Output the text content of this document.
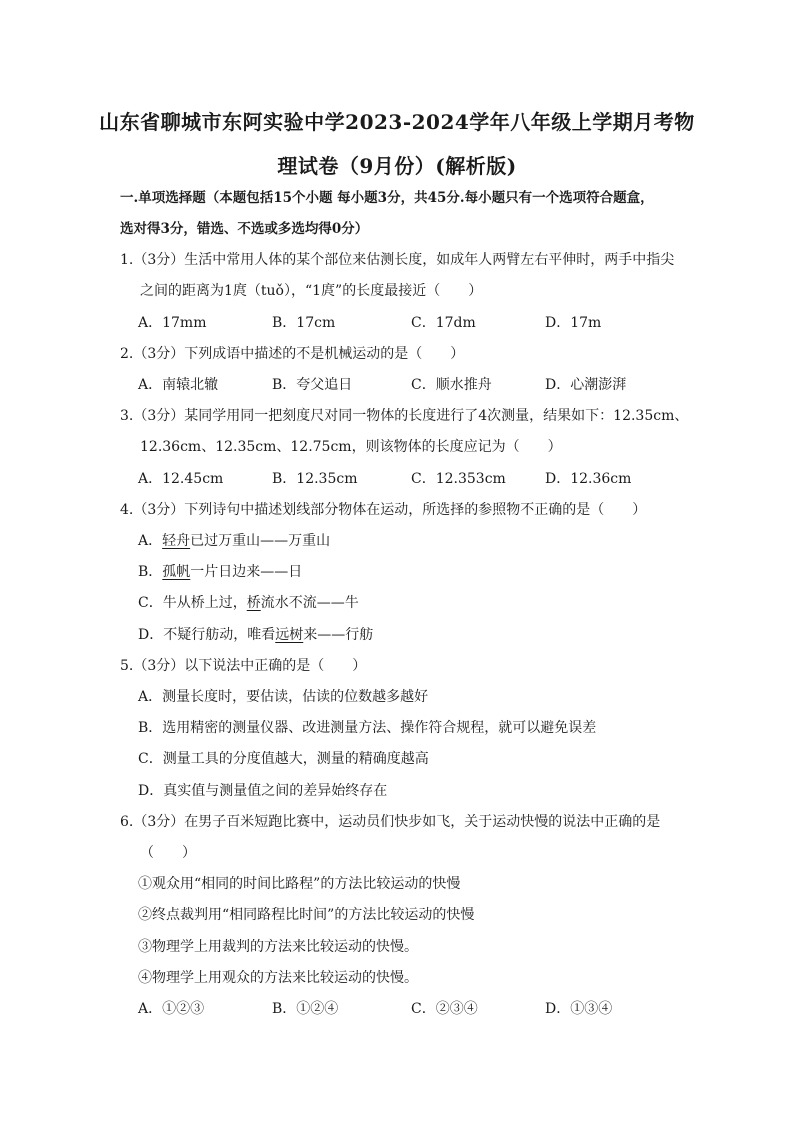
山东省聊城市东阿实验中学2023-2024学年八年级上学期月考物
理试卷（9月份）(解析版)
一.单项选择题（本题包括15个小题 每小题3分，共45分.每小题只有一个选项符合题盒，
选对得3分，错选、不选或多选均得0分）
1.（3分）生活中常用人体的某个部位来估测长度，如成年人两臂左右平伸时，两手中指尖
之间的距离为1庹（tuǒ），“1庹”的长度最接近（　　）
A．17mm	B．17cm	C．17dm	D．17m
2.（3分）下列成语中描述的不是机械运动的是（　　）
A．南辕北辙	B．夸父追日	C．顺水推舟	D．心潮澎湃
3.（3分）某同学用同一把刻度尺对同一物体的长度进行了4次测量，结果如下：12.35cm、
12.36cm、12.35cm、12.75cm，则该物体的长度应记为（　　）
A．12.45cm	B．12.35cm	C．12.353cm	D．12.36cm
4.（3分）下列诗句中描述划线部分物体在运动，所选择的参照物不正确的是（　　）
A．轻舟已过万重山——万重山
B．孤帆一片日边来——日
C．牛从桥上过，桥流水不流——牛
D．不疑行舫动，唯看远树来——行舫
5.（3分）以下说法中正确的是（　　）
A．测量长度时，要估读，估读的位数越多越好
B．选用精密的测量仪器、改进测量方法、操作符合规程，就可以避免误差
C．测量工具的分度值越大，测量的精确度越高
D．真实值与测量值之间的差异始终存在
6.（3分）在男子百米短跑比赛中，运动员们快步如飞，关于运动快慢的说法中正确的是
（　　）
①观众用“相同的时间比路程”的方法比较运动的快慢
②终点裁判用“相同路程比时间”的方法比较运动的快慢
③物理学上用裁判的方法来比较运动的快慢。
④物理学上用观众的方法来比较运动的快慢。
A．①②③	B．①②④	C．②③④	D．①③④
